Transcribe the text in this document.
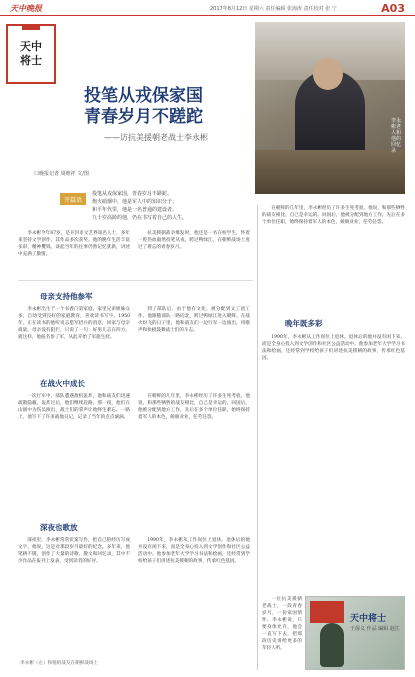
天中晚报	2017年8月12日 星期六 责任编辑 张海涛 责任校对 张 宁	A03
天中
将士
投笔从戎保家国
青春岁月不蹉跎
——访抗美援朝老战士李永彬
李永彬老人和他的回忆录
口晚报记者 周维祥 文/图
开篇语
投笔从戎保家国，青春岁月不蹉跎。
炮火硝烟中，他是军人中的知识分子；
和平年代里，他是一名普通的建设者。
九十岁高龄的他，仍在书写着自己的人生。

李永彬今年87岁，是开封市文艺界知名人士，多年来坚持文学创作，其作品多次获奖。他的晚年生活丰富多彩，精神矍铄，谈起当年的往事仍然记忆犹新，讲述中充满了激情。

抗美援朝战争爆发时，他还是一名在校学生，怀着一腔热血毅然投笔从戎，跨过鸭绿江，在朝鲜战场上度过了难忘的青春岁月。

母亲支持他参军

李永彬出生于一个书香门第家庭，家里兄弟姐妹众多，自幼受到良好的家庭教育，喜欢读书写字。1950年，正在读书的他听说志愿军招兵的消息，回家与母亲商量，母亲没有阻拦，只说了一句：好男儿志在四方。就这样，他报名参了军，从此开始了军旅生涯。

到了部队后，由于他有文化，被分配到文工团工作。他跟随部队一路向北，跨过鸭绿江进入朝鲜。在战火纷飞的日子里，他和战友们一边行军一边演出，用歌声和快板鼓舞战士们的斗志。

在战火中成长

一次行军中，部队遭遇敌机轰炸，他和战友们迅速疏散隐蔽。轰炸过后，他们继续赶路。那一夜，他们在山洞中为伤员演出，战士们的掌声让他终生难忘。一路上，他写下了许多战地日记，记录了当年的点点滴滴。

在朝鲜的几年里，李永彬经历了许多生死考验。他说，和那些牺牲的战友相比，自己是幸运的。回国后，他被分配到地方工作，先后在多个单位任职，始终保持着军人的本色，兢兢业业，任劳任怨。

深夜也歌放

深夜里，李永彬常常伏案写作，把自己的经历写成文字。他说，这是对那段岁月最好的纪念。多年来，他笔耕不辍，创作了大量的诗歌、散文和回忆录，其中不少作品在报刊上发表，受到读者的好评。

1990年，李永彬从工作岗位上退休。退休后的他并没有闲下来，而是全身心投入到文学创作和社区公益活动中。他参加老年大学学习书法和绘画，还经常到学校给孩子们讲述抗美援朝的故事，传承红色基因。

晚年既多彩

在朝鲜的几年里，李永彬经历了许多生死考验。他说，和那些牺牲的战友相比，自己是幸运的。回国后，他被分配到地方工作，先后在多个单位任职，始终保持着军人的本色，兢兢业业，任劳任怨。

1990年，李永彬从工作岗位上退休。退休后的他并没有闲下来，而是全身心投入到文学创作和社区公益活动中。他参加老年大学学习书法和绘画，还经常到学校给孩子们讲述抗美援朝的故事，传承红色基因。

一位抗美援朝老战士，一段青春岁月，一份家国情怀。李永彬说，只要身体允许，他会一直写下去，把那段历史讲给更多的年轻人听。

天中将士
王保义 作品 编辑 赵江
李永彬（左）和他的战友在朝鲜战场上
